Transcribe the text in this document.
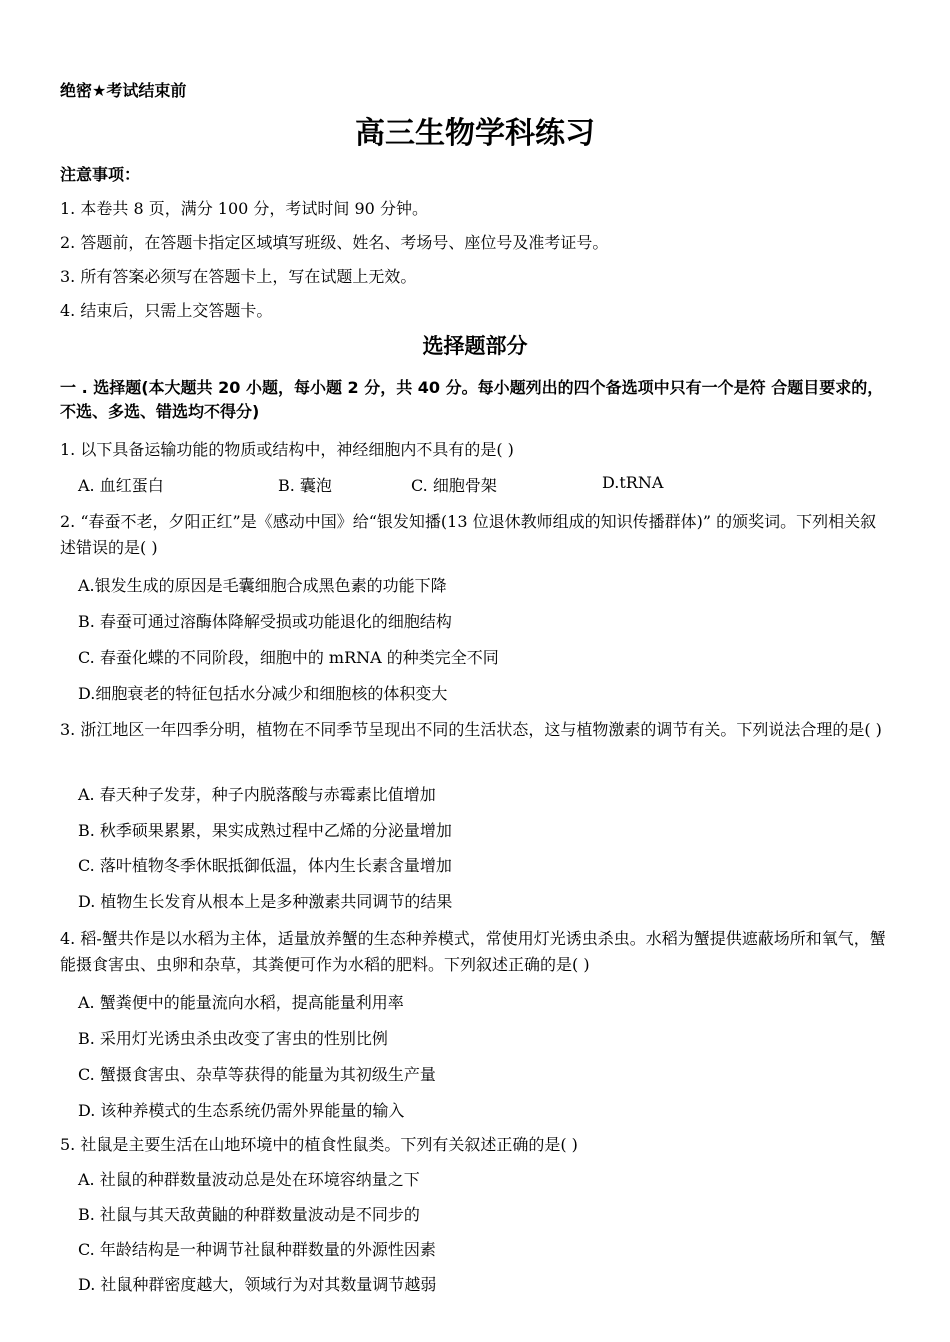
绝密★考试结束前
高三生物学科练习
注意事项：
1. 本卷共 8 页，满分 100 分，考试时间 90 分钟。
2. 答题前，在答题卡指定区域填写班级、姓名、考场号、座位号及准考证号。
3. 所有答案必须写在答题卡上，写在试题上无效。
4. 结束后，只需上交答题卡。
选择题部分
一 . 选择题(本大题共 20 小题，每小题 2 分，共 40 分。每小题列出的四个备选项中只有一个是符 合题目要求的，不选、多选、错选均不得分)
1. 以下具备运输功能的物质或结构中，神经细胞内不具有的是( )
A. 血红蛋白	B. 囊泡	C. 细胞骨架	D.tRNA
2. “春蚕不老，夕阳正红”是《感动中国》给“银发知播(13 位退休教师组成的知识传播群体)” 的颁奖词。下列相关叙述错误的是( )
A.银发生成的原因是毛囊细胞合成黑色素的功能下降
B. 春蚕可通过溶酶体降解受损或功能退化的细胞结构
C. 春蚕化蝶的不同阶段，细胞中的 mRNA 的种类完全不同
D.细胞衰老的特征包括水分减少和细胞核的体积变大
3. 浙江地区一年四季分明，植物在不同季节呈现出不同的生活状态，这与植物激素的调节有关。下列说法合理的是( )
A. 春天种子发芽，种子内脱落酸与赤霉素比值增加
B. 秋季硕果累累，果实成熟过程中乙烯的分泌量增加
C. 落叶植物冬季休眠抵御低温，体内生长素含量增加
D. 植物生长发育从根本上是多种激素共同调节的结果
4. 稻-蟹共作是以水稻为主体，适量放养蟹的生态种养模式，常使用灯光诱虫杀虫。水稻为蟹提供遮蔽场所和氧气，蟹能摄食害虫、虫卵和杂草，其粪便可作为水稻的肥料。下列叙述正确的是( )
A. 蟹粪便中的能量流向水稻，提高能量利用率
B. 采用灯光诱虫杀虫改变了害虫的性别比例
C. 蟹摄食害虫、杂草等获得的能量为其初级生产量
D. 该种养模式的生态系统仍需外界能量的输入
5. 社鼠是主要生活在山地环境中的植食性鼠类。下列有关叙述正确的是( )
A. 社鼠的种群数量波动总是处在环境容纳量之下
B. 社鼠与其天敌黄鼬的种群数量波动是不同步的
C. 年龄结构是一种调节社鼠种群数量的外源性因素
D. 社鼠种群密度越大，领域行为对其数量调节越弱
